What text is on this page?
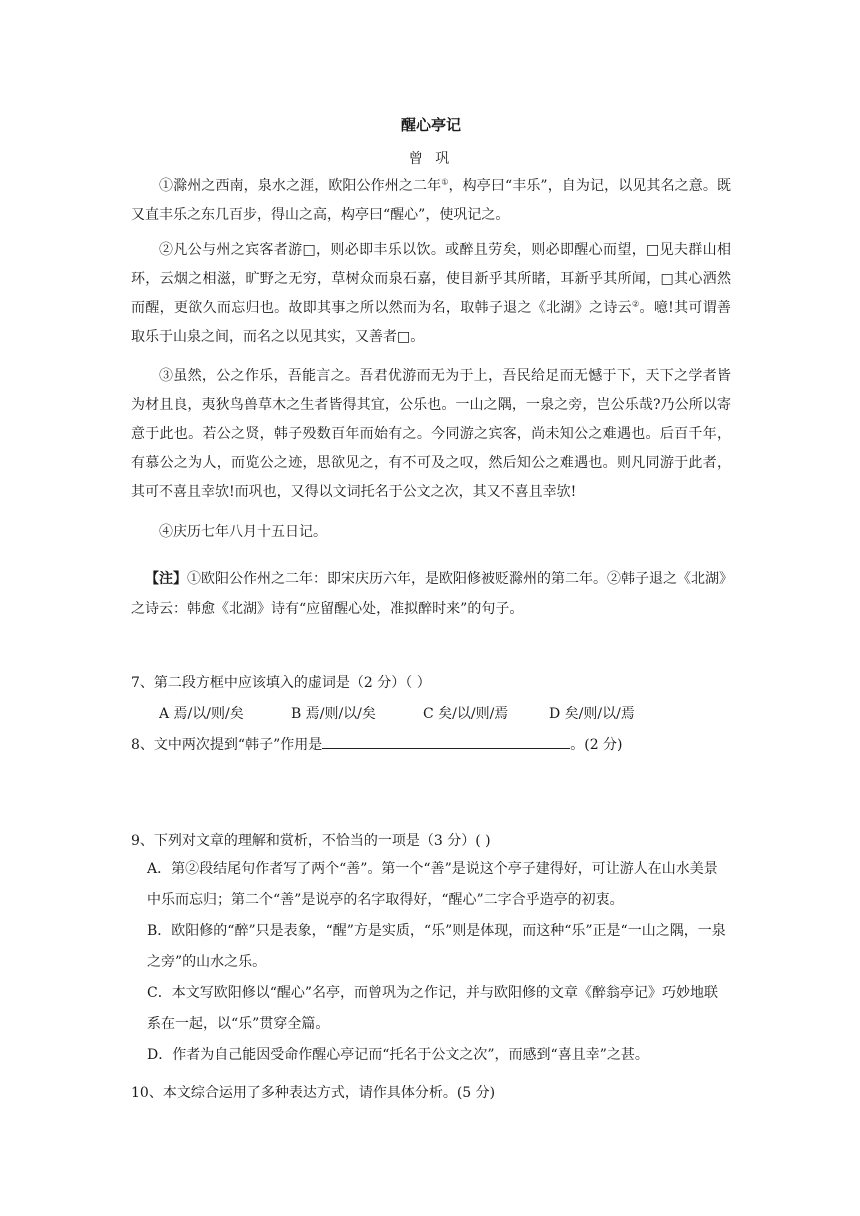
醒心亭记
曾 巩
①滁州之西南，泉水之涯，欧阳公作州之二年①，构亭曰“丰乐”，自为记，以见其名之意。既又直丰乐之东几百步，得山之高，构亭曰“醒心”，使巩记之。
②凡公与州之宾客者游□，则必即丰乐以饮。或醉且劳矣，则必即醒心而望，□见夫群山相环，云烟之相滋，旷野之无穷，草树众而泉石嘉，使目新乎其所睹，耳新乎其所闻，□其心洒然而醒，更欲久而忘归也。故即其事之所以然而为名，取韩子退之《北湖》之诗云②。噫!其可谓善取乐于山泉之间，而名之以见其实，又善者□。
③虽然，公之作乐，吾能言之。吾君优游而无为于上，吾民给足而无憾于下，天下之学者皆为材且良，夷狄鸟兽草木之生者皆得其宜，公乐也。一山之隅，一泉之旁，岂公乐哉?乃公所以寄意于此也。若公之贤，韩子殁数百年而始有之。今同游之宾客，尚未知公之难遇也。后百千年，有慕公之为人，而览公之迹，思欲见之，有不可及之叹，然后知公之难遇也。则凡同游于此者，其可不喜且幸欤!而巩也，又得以文词托名于公文之次，其又不喜且幸欤!
④庆历七年八月十五日记。
【注】①欧阳公作州之二年：即宋庆历六年，是欧阳修被贬滁州的第二年。②韩子退之《北湖》之诗云：韩愈《北湖》诗有“应留醒心处，准拟醉时来”的句子。
7、第二段方框中应该填入的虚词是（2 分）（ ）
A 焉/以/则/矣	B 焉/则/以/矣	C 矣/以/则/焉	D 矣/则/以/焉
8、文中两次提到“韩子”作用是	。(2 分)
9、下列对文章的理解和赏析，不恰当的一项是（3 分）( )
A．第②段结尾句作者写了两个“善”。第一个“善”是说这个亭子建得好，可让游人在山水美景中乐而忘归；第二个“善”是说亭的名字取得好，“醒心”二字合乎造亭的初衷。
B．欧阳修的“醉”只是表象，“醒”方是实质，“乐”则是体现，而这种“乐”正是“一山之隅，一泉之旁”的山水之乐。
C．本文写欧阳修以“醒心”名亭，而曾巩为之作记，并与欧阳修的文章《醉翁亭记》巧妙地联系在一起，以“乐”贯穿全篇。
D．作者为自己能因受命作醒心亭记而“托名于公文之次”，而感到“喜且幸”之甚。
10、本文综合运用了多种表达方式，请作具体分析。(5 分)
